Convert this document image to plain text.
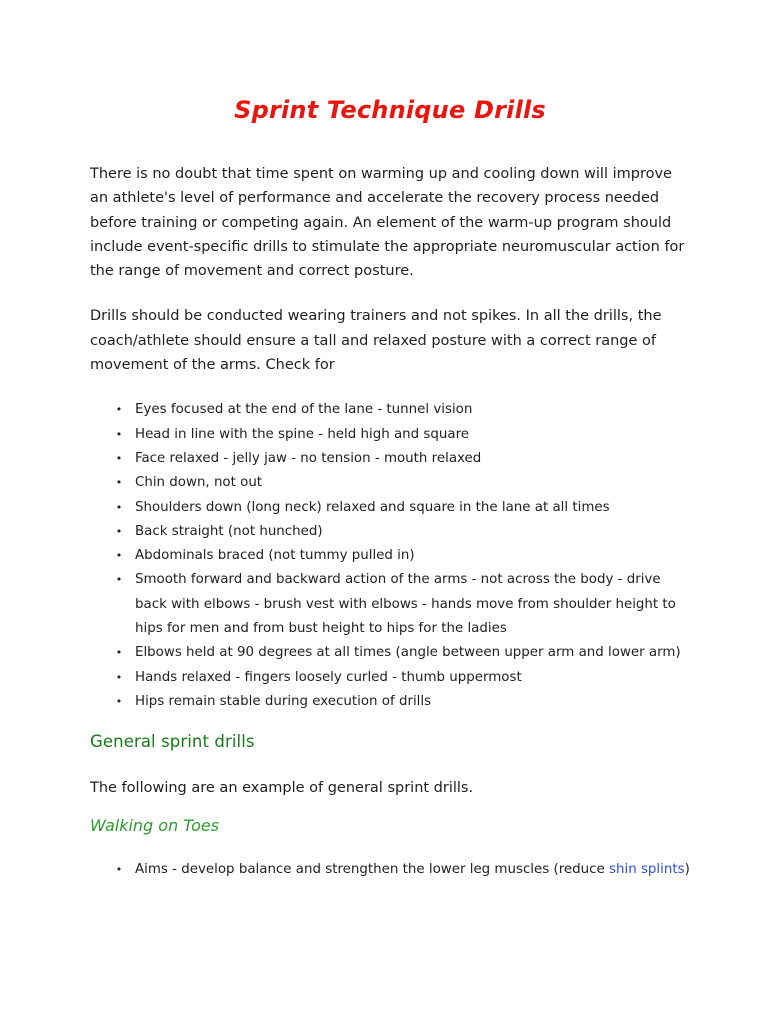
Sprint Technique Drills

There is no doubt that time spent on warming up and cooling down will improve an athlete's level of performance and accelerate the recovery process needed before training or competing again. An element of the warm-up program should include event-specific drills to stimulate the appropriate neuromuscular action for the range of movement and correct posture.

Drills should be conducted wearing trainers and not spikes. In all the drills, the coach/athlete should ensure a tall and relaxed posture with a correct range of movement of the arms. Check for

• Eyes focused at the end of the lane - tunnel vision
• Head in line with the spine - held high and square
• Face relaxed - jelly jaw - no tension - mouth relaxed
• Chin down, not out
• Shoulders down (long neck) relaxed and square in the lane at all times
• Back straight (not hunched)
• Abdominals braced (not tummy pulled in)
• Smooth forward and backward action of the arms - not across the body - drive back with elbows - brush vest with elbows - hands move from shoulder height to hips for men and from bust height to hips for the ladies
• Elbows held at 90 degrees at all times (angle between upper arm and lower arm)
• Hands relaxed - fingers loosely curled - thumb uppermost
• Hips remain stable during execution of drills
General sprint drills

The following are an example of general sprint drills.

Walking on Toes
• Aims - develop balance and strengthen the lower leg muscles (reduce shin splints)
